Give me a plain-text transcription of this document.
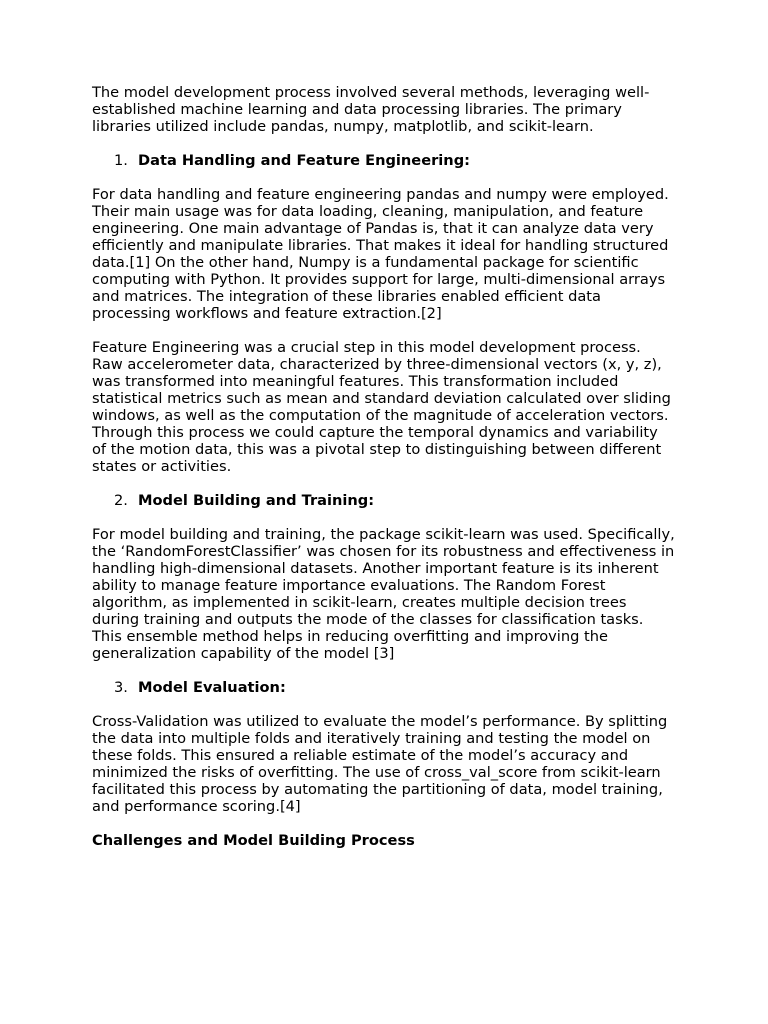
The model development process involved several methods, leveraging well-established machine learning and data processing libraries. The primary libraries utilized include pandas, numpy, matplotlib, and scikit-learn.

1. Data Handling and Feature Engineering:

For data handling and feature engineering pandas and numpy were employed. Their main usage was for data loading, cleaning, manipulation, and feature engineering. One main advantage of Pandas is, that it can analyze data very efficiently and manipulate libraries. That makes it ideal for handling structured data.[1] On the other hand, Numpy is a fundamental package for scientific computing with Python. It provides support for large, multi-dimensional arrays and matrices. The integration of these libraries enabled efficient data processing workflows and feature extraction.[2]

Feature Engineering was a crucial step in this model development process. Raw accelerometer data, characterized by three-dimensional vectors (x, y, z), was transformed into meaningful features. This transformation included statistical metrics such as mean and standard deviation calculated over sliding windows, as well as the computation of the magnitude of acceleration vectors. Through this process we could capture the temporal dynamics and variability of the motion data, this was a pivotal step to distinguishing between different states or activities.

2. Model Building and Training:

For model building and training, the package scikit-learn was used. Specifically, the ‘RandomForestClassifier’ was chosen for its robustness and effectiveness in handling high-dimensional datasets. Another important feature is its inherent ability to manage feature importance evaluations. The Random Forest algorithm, as implemented in scikit-learn, creates multiple decision trees during training and outputs the mode of the classes for classification tasks. This ensemble method helps in reducing overfitting and improving the generalization capability of the model [3]

3. Model Evaluation:

Cross-Validation was utilized to evaluate the model’s performance. By splitting the data into multiple folds and iteratively training and testing the model on these folds. This ensured a reliable estimate of the model’s accuracy and minimized the risks of overfitting. The use of cross_val_score from scikit-learn facilitated this process by automating the partitioning of data, model training, and performance scoring.[4]

Challenges and Model Building Process
